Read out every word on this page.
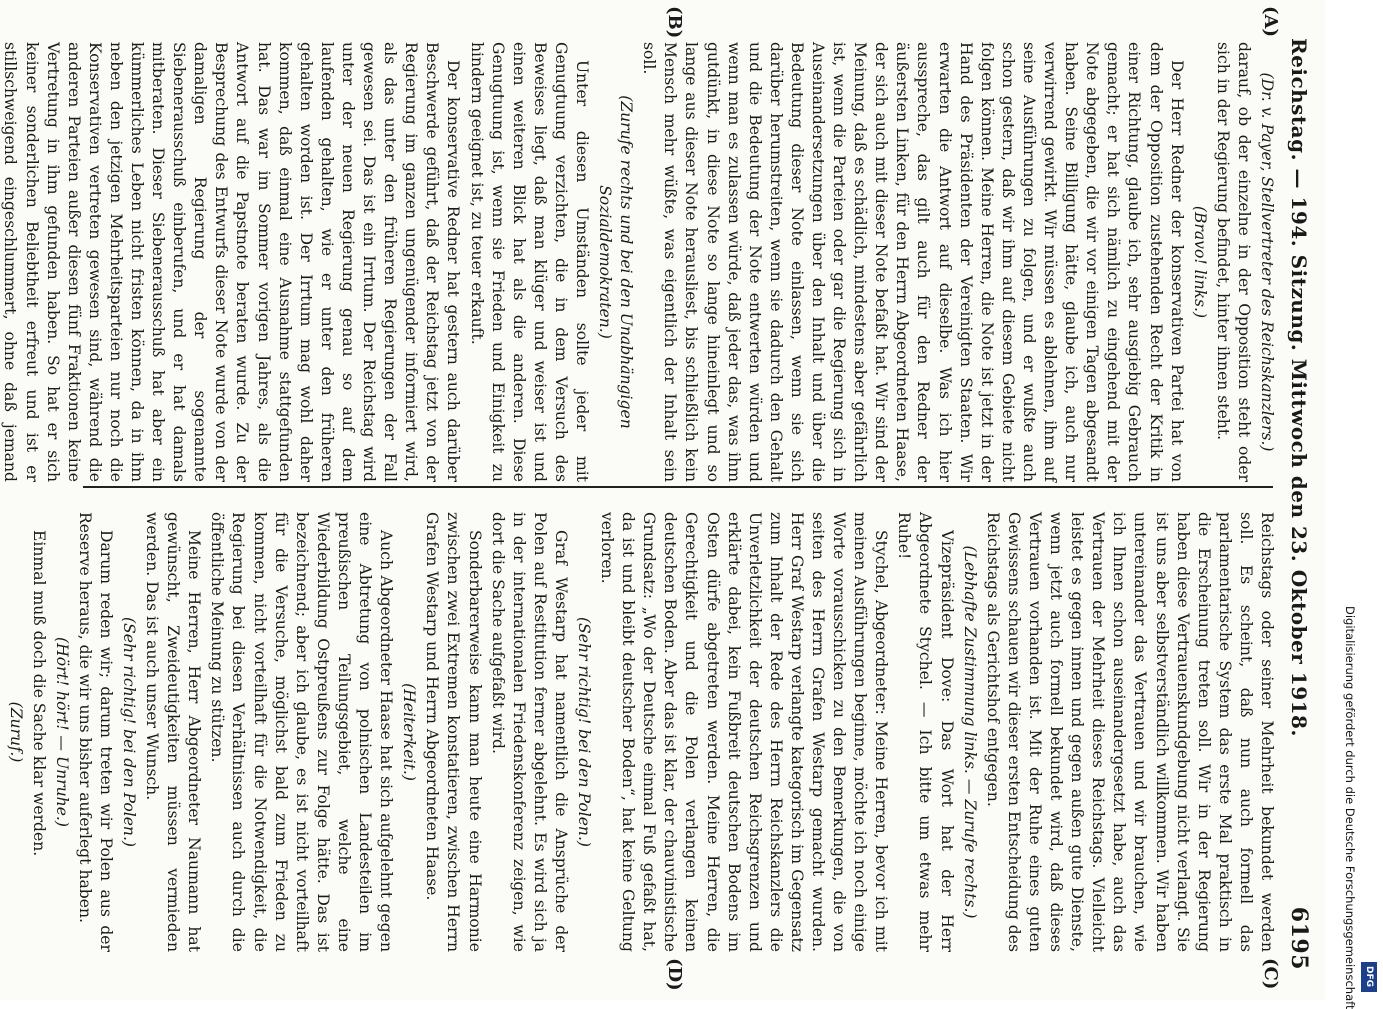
Reichstag. — 194. Sitzung. Mittwoch den 23. Oktober 1918.
6195
(A)
(B)
(C)
(D)

(Dr. v. Payer, Stellvertreter des Reichskanzlers.)

darauf, ob der einzelne in der Opposition steht oder sich in der Regierung befindet, hinter ihnen steht.

(Bravo! links.)

Der Herr Redner der konservativen Partei hat von dem der Opposition zustehenden Recht der Kritik in einer Richtung, glaube ich, sehr ausgiebig Gebrauch gemacht; er hat sich nämlich zu eingehend mit der Note abgegeben, die wir vor einigen Tagen abgesandt haben. Seine Billigung hätte, glaube ich, auch nur verwirrend gewirkt. Wir müssen es ablehnen, ihm auf seine Ausführungen zu folgen, und er wußte auch schon gestern, daß wir ihm auf diesem Gebiete nicht folgen können. Meine Herren, die Note ist jetzt in der Hand des Präsidenten der Vereinigten Staaten. Wir erwarten die Antwort auf dieselbe. Was ich hier ausspreche, das gilt auch für den Redner der äußersten Linken, für den Herrn Abgeordneten Haase, der sich auch mit dieser Note befaßt hat. Wir sind der Meinung, daß es schädlich, mindestens aber gefährlich ist, wenn die Parteien oder gar die Regierung sich in Auseinandersetzungen über den Inhalt und über die Bedeutung dieser Note einlassen, wenn sie sich darüber herumstreiten, wenn sie dadurch den Gehalt und die Bedeutung der Note entwerten würden und wenn man es zulassen würde, daß jeder das, was ihm gutdünkt, in diese Note so lange hineinlegt und so lange aus dieser Note herausliest, bis schließlich kein Mensch mehr wüßte, was eigentlich der Inhalt sein soll.

(Zurufe rechts und bei den Unabhängigen Sozialdemokraten.)

Unter diesen Umständen sollte jeder mit Genugtuung verzichten, die in dem Versuch des Beweises liegt, daß man klüger und weiser ist und einen weiteren Blick hat als die anderen. Diese Genugtuung ist, wenn sie Frieden und Einigkeit zu hindern geeignet ist, zu teuer erkauft.

Der konservative Redner hat gestern auch darüber Beschwerde geführt, daß der Reichstag jetzt von der Regierung im ganzen ungenügender informiert wird, als das unter den früheren Regierungen der Fall gewesen sei. Das ist ein Irrtum. Der Reichstag wird unter der neuen Regierung genau so auf dem laufenden gehalten, wie er unter den früheren gehalten worden ist. Der Irrtum mag wohl daher kommen, daß einmal eine Ausnahme stattgefunden hat. Das war im Sommer vorigen Jahres, als die Antwort auf die Papstnote beraten wurde. Zu der Besprechung des Entwurfs dieser Note wurde von der damaligen Regierung der sogenannte Siebenerausschuß einberufen, und er hat damals mitberaten. Dieser Siebenerausschuß hat aber ein kümmerliches Leben nicht fristen können, da in ihm neben den jetzigen Mehrheitsparteien nur noch die Konservativen vertreten gewesen sind, während die anderen Parteien außer diesen fünf Fraktionen keine Vertretung in ihm gefunden haben. So hat er sich keiner sonderlichen Beliebtheit erfreut und ist er stillschweigend eingeschlummert, ohne daß jemand

Reichstags oder seiner Mehrheit bekundet werden soll. Es scheint, daß nun auch formell das parlamentarische System das erste Mal praktisch in die Erscheinung treten soll. Wir in der Regierung haben diese Vertrauenskundgebung nicht verlangt. Sie ist uns aber selbstverständlich willkommen. Wir haben untereinander das Vertrauen und wir brauchen, wie ich Ihnen schon auseinandergesetzt habe, auch das Vertrauen der Mehrheit dieses Reichstags. Vielleicht leistet es gegen innen und gegen außen gute Dienste, wenn jetzt auch formell bekundet wird, daß dieses Vertrauen vorhanden ist. Mit der Ruhe eines guten Gewissens schauen wir dieser ersten Entscheidung des Reichstags als Gerichtshof entgegen.

(Lebhafte Zustimmung links. — Zurufe rechts.)

Vizepräsident Dove: Das Wort hat der Herr Abgeordnete Stychel. — Ich bitte um etwas mehr Ruhe!

Stychel, Abgeordneter: Meine Herren, bevor ich mit meinen Ausführungen beginne, möchte ich noch einige Worte vorausschicken zu den Bemerkungen, die von seiten des Herrn Grafen Westarp gemacht wurden. Herr Graf Westarp verlangte kategorisch im Gegensatz zum Inhalt der Rede des Herrn Reichskanzlers die Unverletzlichkeit der deutschen Reichsgrenzen und erklärte dabei, kein Fußbreit deutschen Bodens im Osten dürfe abgetreten werden. Meine Herren, die Gerechtigkeit und die Polen verlangen keinen deutschen Boden. Aber das ist klar, der chauvinistische Grundsatz: „Wo der Deutsche einmal Fuß gefaßt hat, da ist und bleibt deutscher Boden“, hat keine Geltung verloren.

(Sehr richtig! bei den Polen.)

Graf Westarp hat namentlich die Ansprüche der Polen auf Restitution ferner abgelehnt. Es wird sich ja in der internationalen Friedenskonferenz zeigen, wie dort die Sache aufgefaßt wird.

Sonderbarerweise kann man heute eine Harmonie zwischen zwei Extremen konstatieren, zwischen Herrn Grafen Westarp und Herrn Abgeordneten Haase.

(Heiterkeit.)

Auch Abgeordneter Haase hat sich aufgelehnt gegen eine Abtretung von polnischen Landesteilen im preußischen Teilungsgebiet, welche eine Wiederbildung Ostpreußens zur Folge hätte. Das ist bezeichnend; aber ich glaube, es ist nicht vorteilhaft für die Versuche, möglichst bald zum Frieden zu kommen, nicht vorteilhaft für die Notwendigkeit, die Regierung bei diesen Verhältnissen auch durch die öffentliche Meinung zu stützen.

Meine Herren, Herr Abgeordneter Naumann hat gewünscht, Zweideutigkeiten müssen vermieden werden. Das ist auch unser Wunsch.

(Sehr richtig! bei den Polen.)

Darum reden wir; darum treten wir Polen aus der Reserve heraus, die wir uns bisher auferlegt haben.

(Hört! hört! — Unruhe.)

Einmal muß doch die Sache klar werden.

(Zuruf.)	Digitalisierung gefördert durch die Deutsche Forschungsgemeinschaft DFG
